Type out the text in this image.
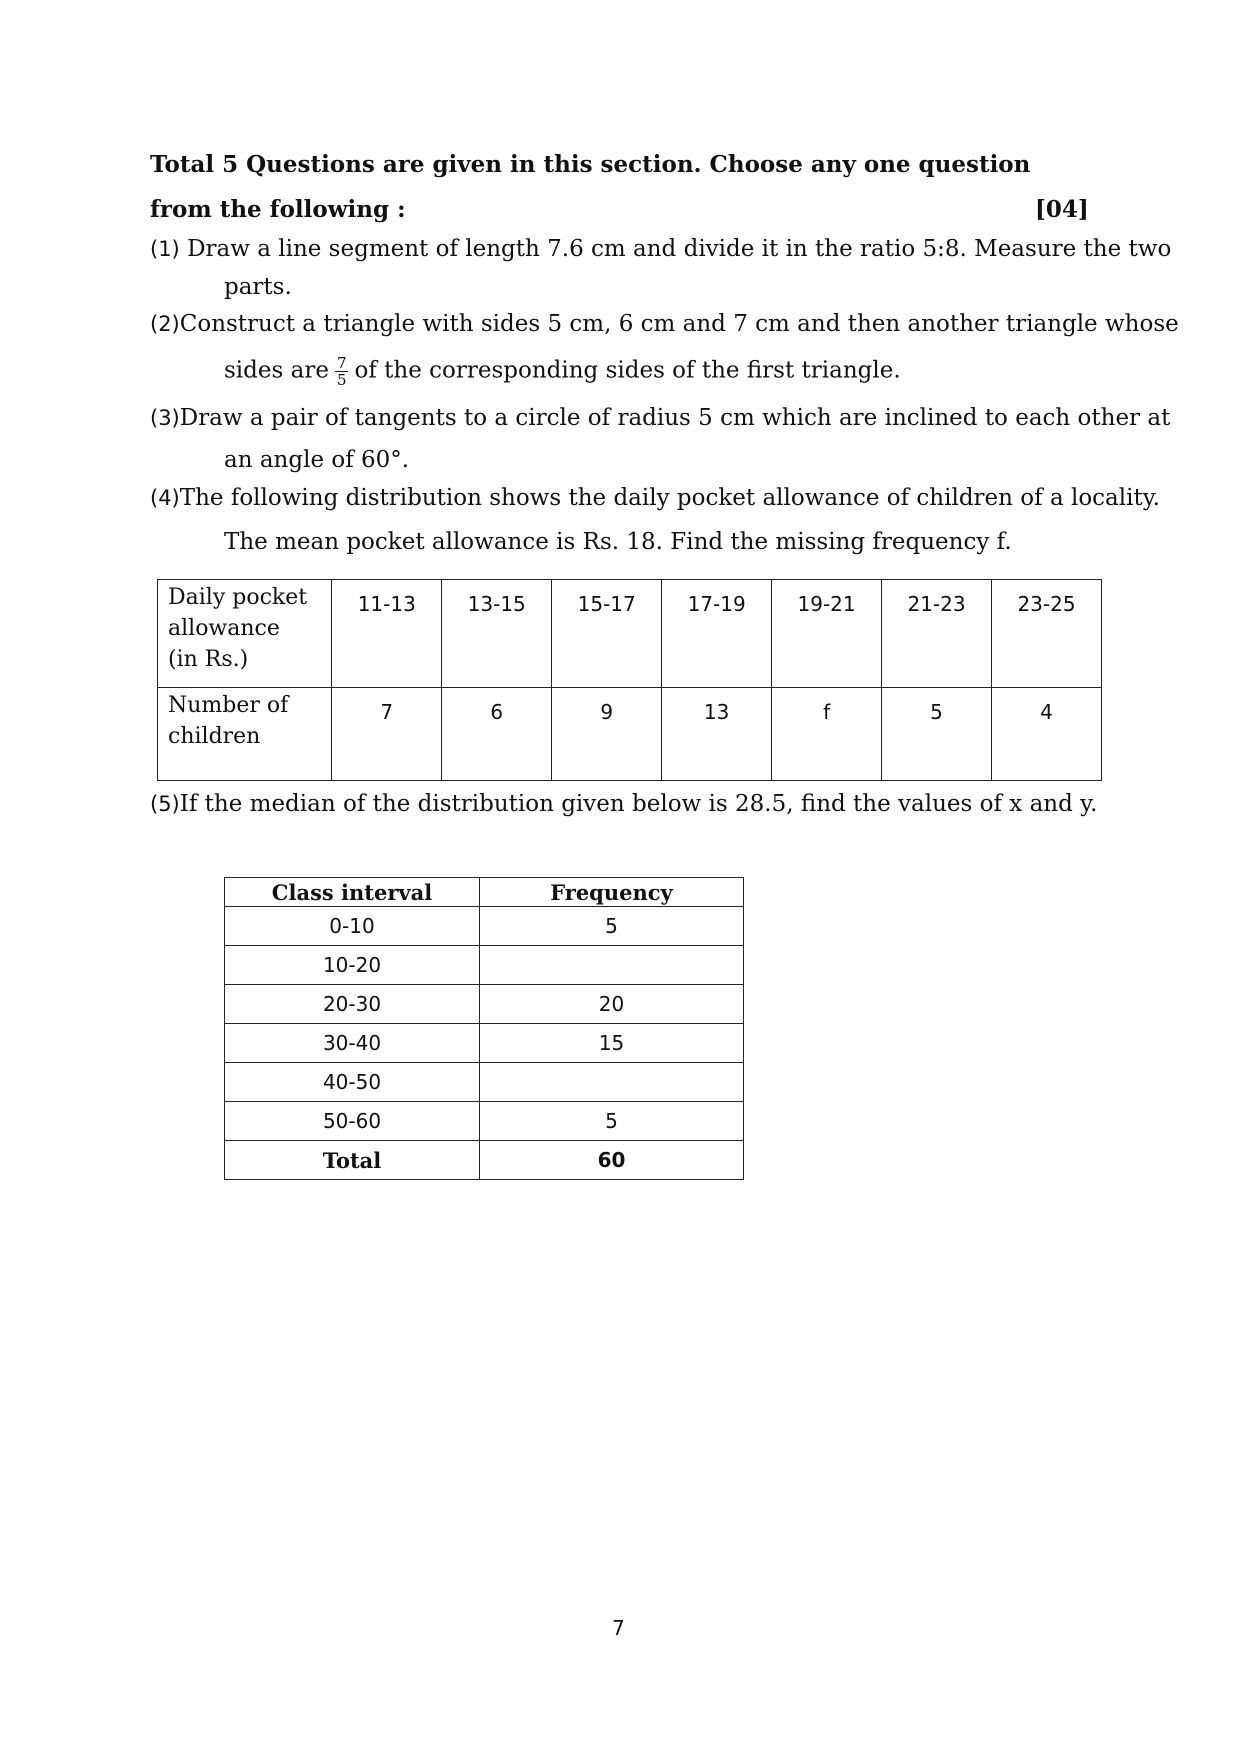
Total 5 Questions are given in this section. Choose any one question
from the following :	[04]
(1) Draw a line segment of length 7.6 cm and divide it in the ratio 5:8. Measure the two
parts.
(2)Construct a triangle with sides 5 cm, 6 cm and 7 cm and then another triangle whose
sides are $\frac{7}{5}$ of the corresponding sides of the first triangle.
(3)Draw a pair of tangents to a circle of radius 5 cm which are inclined to each other at
an angle of 60°.
(4)The following distribution shows the daily pocket allowance of children of a locality.
The mean pocket allowance is Rs. 18. Find the missing frequency f.
Daily pocket
allowance
(in Rs.)	11-13	13-15	15-17	17-19	19-21	21-23	23-25

Number of
children	7	6	9	13	f	5	4
(5)If the median of the distribution given below is 28.5, find the values of x and y.
Class interval	Frequency
0-10	5
10-20	
20-30	20
30-40	15
40-50	
50-60	5
Total	60
7
